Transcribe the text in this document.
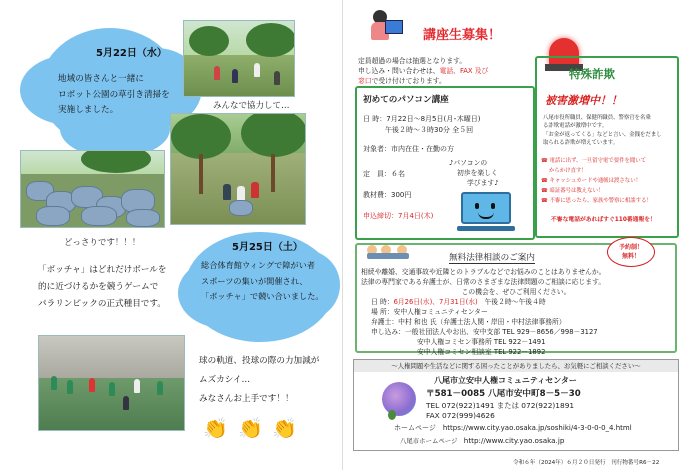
5月22日（水）
地域の皆さんと一緒に
ロボット公園の草引き清掃を
実施しました。	みんなで協力して…
どっさりです！！！	5月25日（土）
総合体育館ウィングで障がい者
スポーツの集いが開催され、
「ボッチャ」で競い合いました。
「ボッチャ」はどれだけボールを
的に近づけるかを競うゲームで
パラリンピックの正式種目です。
球の軌道、投球の際の力加減が
ムズカシイ…
みなさんお上手です！！
👏 👏 👏
講座生募集！
定員超過の場合は抽選となります。
申し込み・問い合わせは、電話、FAX 及び
窓口で受け付けております。
初めてのパソコン講座
日 時：7月22日～8月5日(月･木曜日)
午後２時～３時30分 全５回
対象者：市内在住・在勤の方
定　員：６名
教材費：300円
申込締切：7月4日(木)
♪パソコンの
初歩を楽しく
学びます♪
特殊詐欺
被害激増中！！
八尾市役所職員、保健所職員、警察官を名乗
る詐欺電話が激増中です。
「お金が返ってくる」などと言い、金銭をだまし
取られる詐欺が増えています。
☎ 電話に出ず、一旦留守電で要件を聞いて
からかけ直す！
☎ キャッシュカードや通帳は渡さない！
☎ 暗証番号は教えない！
☎ 不審に思ったら、家族や警察に相談する！
不審な電話があればすぐ110番通報を！
無料法律相談のご案内
予約制！
無料！
相続や離婚、交通事故や近隣とのトラブルなどでお悩みのことはありませんか。
法律の専門家である弁護士が、日常のさまざまな法律問題のご相談に応じます。
この機会を、ぜひご利用ください。
日 時：6月26日(水)、7月31日(水)　 午後２時～午後４時
場 所：安中人権コミュニティセンター
弁護士：中村 和也 氏（弁護士法人関・岸田・中村法律事務所）
申し込み：一般社団法人やお出、安中支部 TEL 929－8656／998－3127
安中人権コミセン事務所 TEL 922－1491
安中人権コミセン相談室 TEL 922－1892
～人権問題や生活などに関する困ったことがありましたら、お気軽にご相談ください～
八尾市立安中人権コミュニティセンター
〒581－0085 八尾市安中町8－5－30
TEL 072(922)1491 または 072(922)1891
FAX 072(999)4626
ホームページ　 https://www.city.yao.osaka.jp/soshiki/4-3-0-0-0_4.html
八尾市ホームページ　 http://www.city.yao.osaka.jp
令和６年（2024年）６月２０日発行　刊行物番号R6－22
